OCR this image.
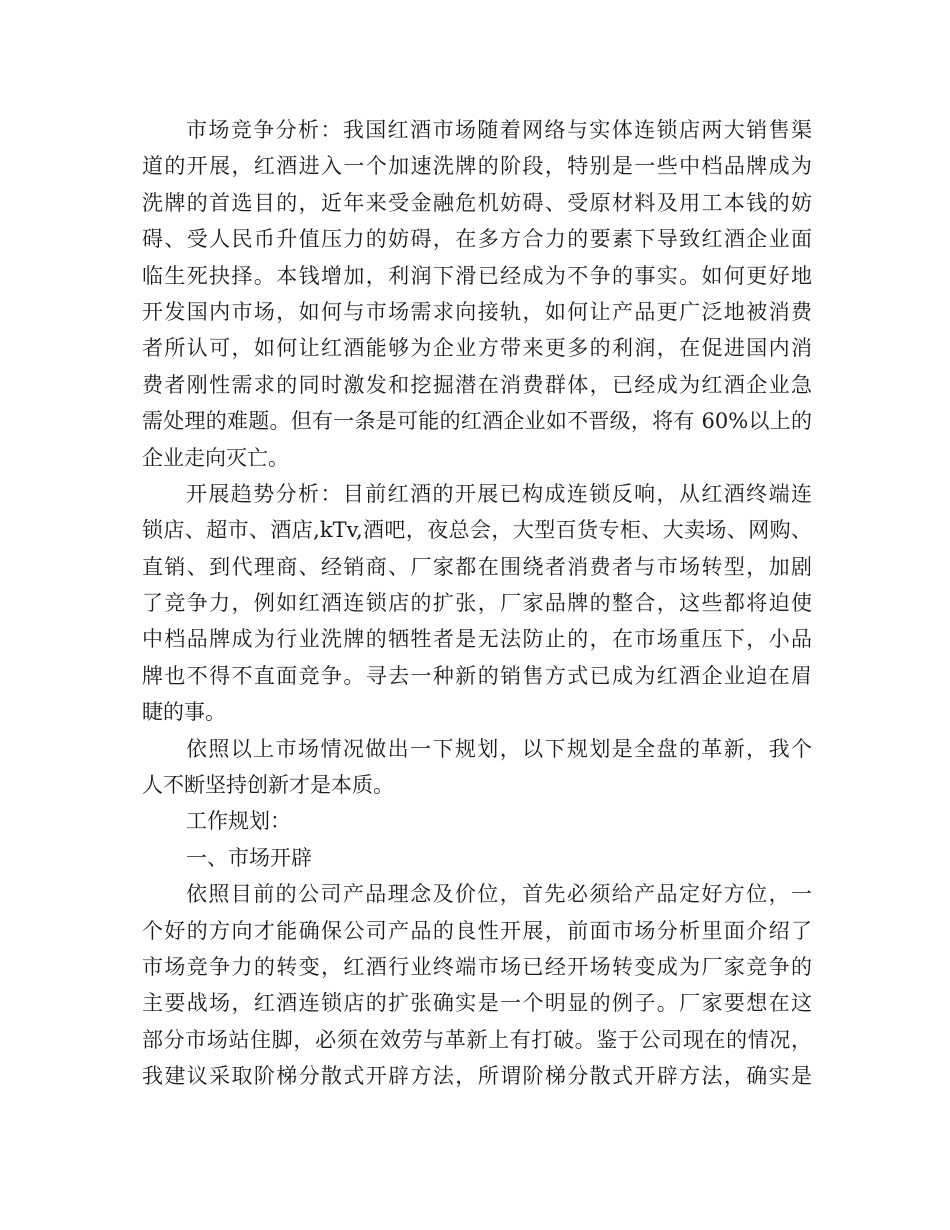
市场竞争分析：我国红酒市场随着网络与实体连锁店两大销售渠
道的开展，红酒进入一个加速洗牌的阶段，特别是一些中档品牌成为
洗牌的首选目的，近年来受金融危机妨碍、受原材料及用工本钱的妨
碍、受人民币升值压力的妨碍，在多方合力的要素下导致红酒企业面
临生死抉择。本钱增加，利润下滑已经成为不争的事实。如何更好地
开发国内市场，如何与市场需求向接轨，如何让产品更广泛地被消费
者所认可，如何让红酒能够为企业方带来更多的利润，在促进国内消
费者刚性需求的同时激发和挖掘潜在消费群体，已经成为红酒企业急
需处理的难题。但有一条是可能的红酒企业如不晋级，将有 60%以上的
企业走向灭亡。
开展趋势分析：目前红酒的开展已构成连锁反响，从红酒终端连
锁店、超市、酒店,kTv,酒吧，夜总会，大型百货专柜、大卖场、网购、
直销、到代理商、经销商、厂家都在围绕者消费者与市场转型，加剧
了竞争力，例如红酒连锁店的扩张，厂家品牌的整合，这些都将迫使
中档品牌成为行业洗牌的牺牲者是无法防止的，在市场重压下，小品
牌也不得不直面竞争。寻去一种新的销售方式已成为红酒企业迫在眉
睫的事。
依照以上市场情况做出一下规划，以下规划是全盘的革新，我个
人不断坚持创新才是本质。
工作规划：
一、市场开辟
依照目前的公司产品理念及价位，首先必须给产品定好方位，一
个好的方向才能确保公司产品的良性开展，前面市场分析里面介绍了
市场竞争力的转变，红酒行业终端市场已经开场转变成为厂家竞争的
主要战场，红酒连锁店的扩张确实是一个明显的例子。厂家要想在这
部分市场站住脚，必须在效劳与革新上有打破。鉴于公司现在的情况，
我建议采取阶梯分散式开辟方法，所谓阶梯分散式开辟方法，确实是
